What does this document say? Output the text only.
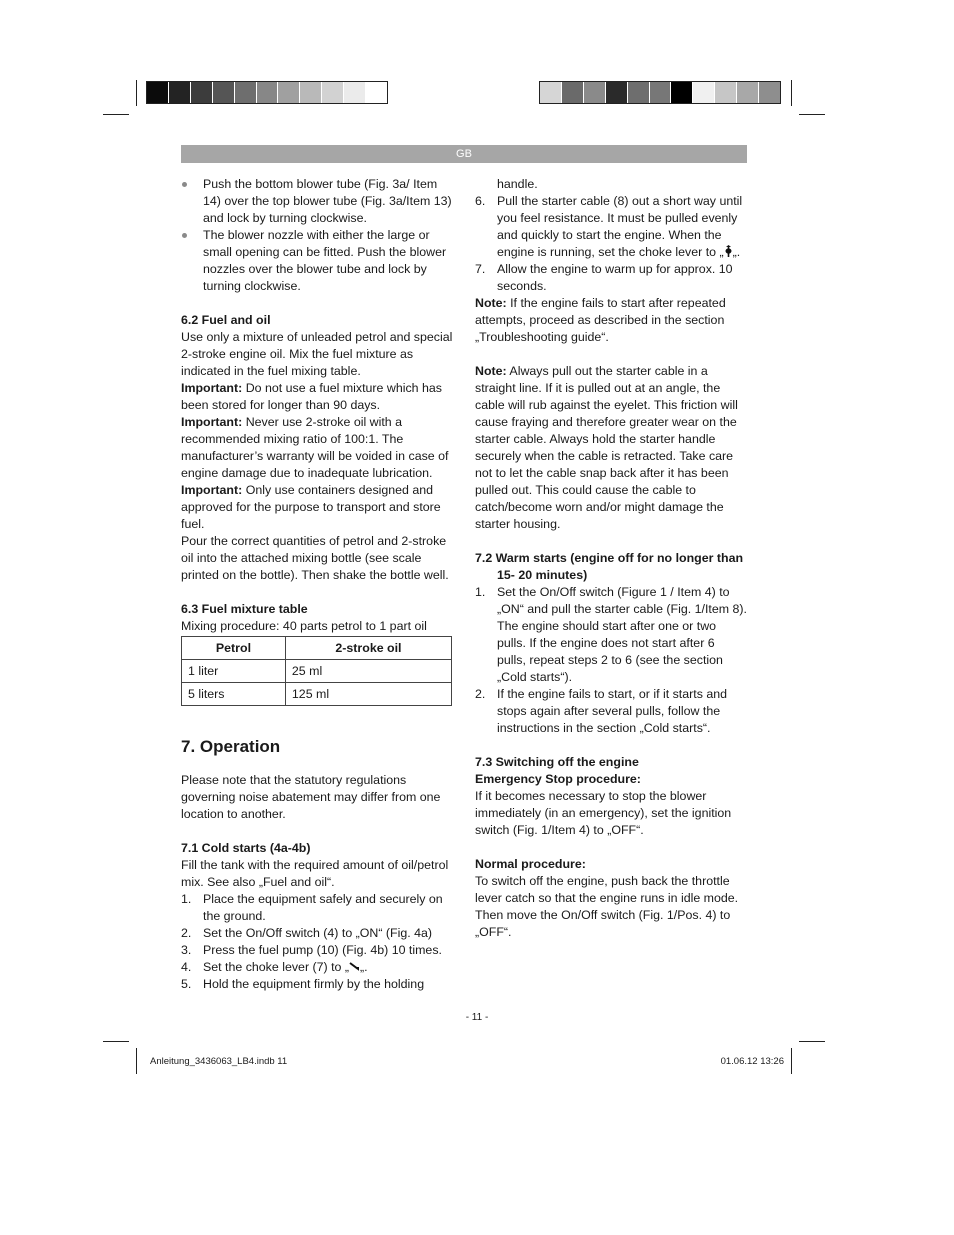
GB
Push the bottom blower tube (Fig. 3a/ Item 14) over the top blower tube (Fig. 3a/Item 13) and lock by turning clockwise.
The blower nozzle with either the large or small opening can be fitted. Push the blower nozzles over the blower tube and lock by turning clockwise.

6.2 Fuel and oil

Use only a mixture of unleaded petrol and special 2-stroke engine oil. Mix the fuel mixture as indicated in the fuel mixing table.

Important: Do not use a fuel mixture which has been stored for longer than 90 days.

Important: Never use 2-stroke oil with a recommended mixing ratio of 100:1. The manufacturer’s warranty will be voided in case of engine damage due to inadequate lubrication.

Important: Only use containers designed and approved for the purpose to transport and store fuel.

Pour the correct quantities of petrol and 2-stroke oil into the attached mixing bottle (see scale printed on the bottle). Then shake the bottle well.

6.3 Fuel mixture table

Mixing procedure: 40 parts petrol to 1 part oil

Petrol	2-stroke oil
1 liter	25 ml
5 liters	125 ml

7. Operation

Please note that the statutory regulations governing noise abatement may differ from one location to another.

7.1 Cold starts (4a-4b)

Fill the tank with the required amount of oil/petrol mix. See also „Fuel and oil“.

1. Place the equipment safely and securely on the ground.
2. Set the On/Off switch (4) to „ON“ (Fig. 4a)
3. Press the fuel pump (10) (Fig. 4b) 10 times.
4. Set the choke lever (7) to „ „.
5. Hold the equipment firmly by the holding

handle.

6. Pull the starter cable (8) out a short way until you feel resistance. It must be pulled evenly and quickly to start the engine. When the engine is running, set the choke lever to „ „.
7. Allow the engine to warm up for approx. 10 seconds.

Note: If the engine fails to start after repeated attempts, proceed as described in the section „Troubleshooting guide“.

Note: Always pull out the starter cable in a straight line. If it is pulled out at an angle, the cable will rub against the eyelet. This friction will cause fraying and therefore greater wear on the starter cable. Always hold the starter handle securely when the cable is retracted. Take care not to let the cable snap back after it has been pulled out. This could cause the cable to catch/become worn and/or might damage the starter housing.

7.2 Warm starts (engine off for no longer than 15- 20 minutes)

1. Set the On/Off switch (Figure 1 / Item 4) to „ON“ and pull the starter cable (Fig. 1/Item 8). The engine should start after one or two pulls. If the engine does not start after 6 pulls, repeat steps 2 to 6 (see the section „Cold starts“).
2. If the engine fails to start, or if it starts and stops again after several pulls, follow the instructions in the section „Cold starts“.

7.3 Switching off the engine

Emergency Stop procedure:

If it becomes necessary to stop the blower immediately (in an emergency), set the ignition switch (Fig. 1/Item 4) to „OFF“.

Normal procedure:

To switch off the engine, push back the throttle lever catch so that the engine runs in idle mode. Then move the On/Off switch (Fig. 1/Pos. 4) to „OFF“.

- 11 -
Anleitung_3436063_LB4.indb 11	01.06.12 13:26
